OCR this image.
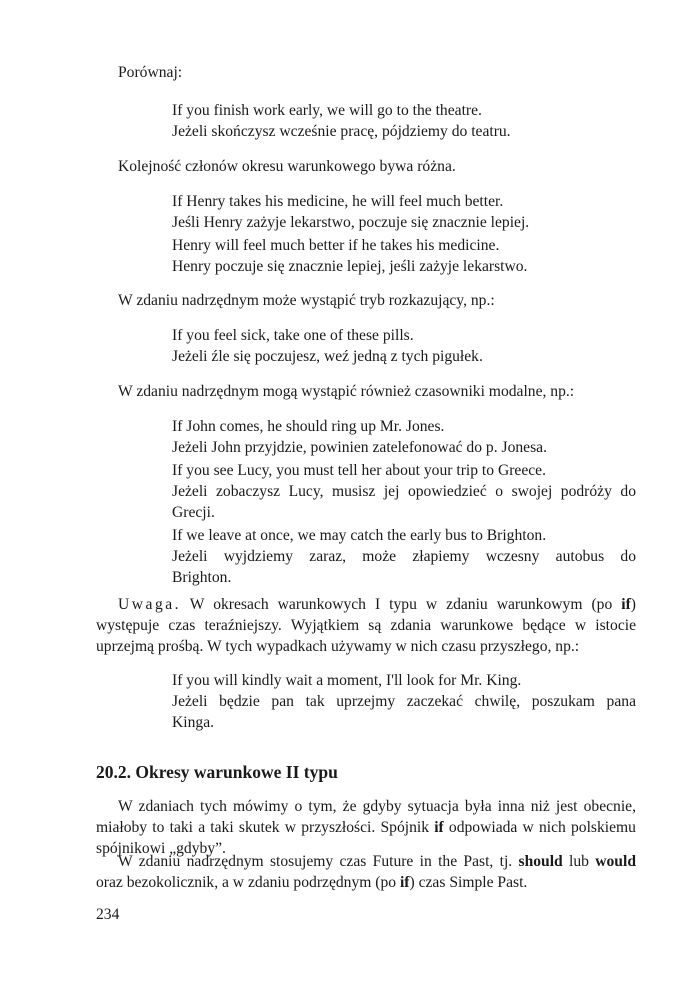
Porównaj:

If you finish work early, we will go to the theatre.
Jeżeli skończysz wcześnie pracę, pójdziemy do teatru.

Kolejność członów okresu warunkowego bywa różna.

If Henry takes his medicine, he will feel much better.
Jeśli Henry zażyje lekarstwo, poczuje się znacznie lepiej.
Henry will feel much better if he takes his medicine.
Henry poczuje się znacznie lepiej, jeśli zażyje lekarstwo.

W zdaniu nadrzędnym może wystąpić tryb rozkazujący, np.:

If you feel sick, take one of these pills.
Jeżeli źle się poczujesz, weź jedną z tych pigułek.

W zdaniu nadrzędnym mogą wystąpić również czasowniki modalne, np.:

If John comes, he should ring up Mr. Jones.
Jeżeli John przyjdzie, powinien zatelefonować do p. Jonesa.
If you see Lucy, you must tell her about your trip to Greece.
Jeżeli zobaczysz Lucy, musisz jej opowiedzieć o swojej podróży do
Grecji.
If we leave at once, we may catch the early bus to Brighton.
Jeżeli wyjdziemy zaraz, może złapiemy wczesny autobus do
Brighton.

Uwaga. W okresach warunkowych I typu w zdaniu warunkowym (po if) występuje czas teraźniejszy. Wyjątkiem są zdania warunkowe będące w istocie uprzejmą prośbą. W tych wypadkach używamy w nich czasu przyszłego, np.:

If you will kindly wait a moment, I'll look for Mr. King.
Jeżeli będzie pan tak uprzejmy zaczekać chwilę, poszukam pana
Kinga.
20.2. Okresy warunkowe II typu

W zdaniach tych mówimy o tym, że gdyby sytuacja była inna niż jest obecnie, miałoby to taki a taki skutek w przyszłości. Spójnik if odpowiada w nich polskiemu spójnikowi „gdyby”.

W zdaniu nadrzędnym stosujemy czas Future in the Past, tj. should lub would oraz bezokolicznik, a w zdaniu podrzędnym (po if) czas Simple Past.

234
